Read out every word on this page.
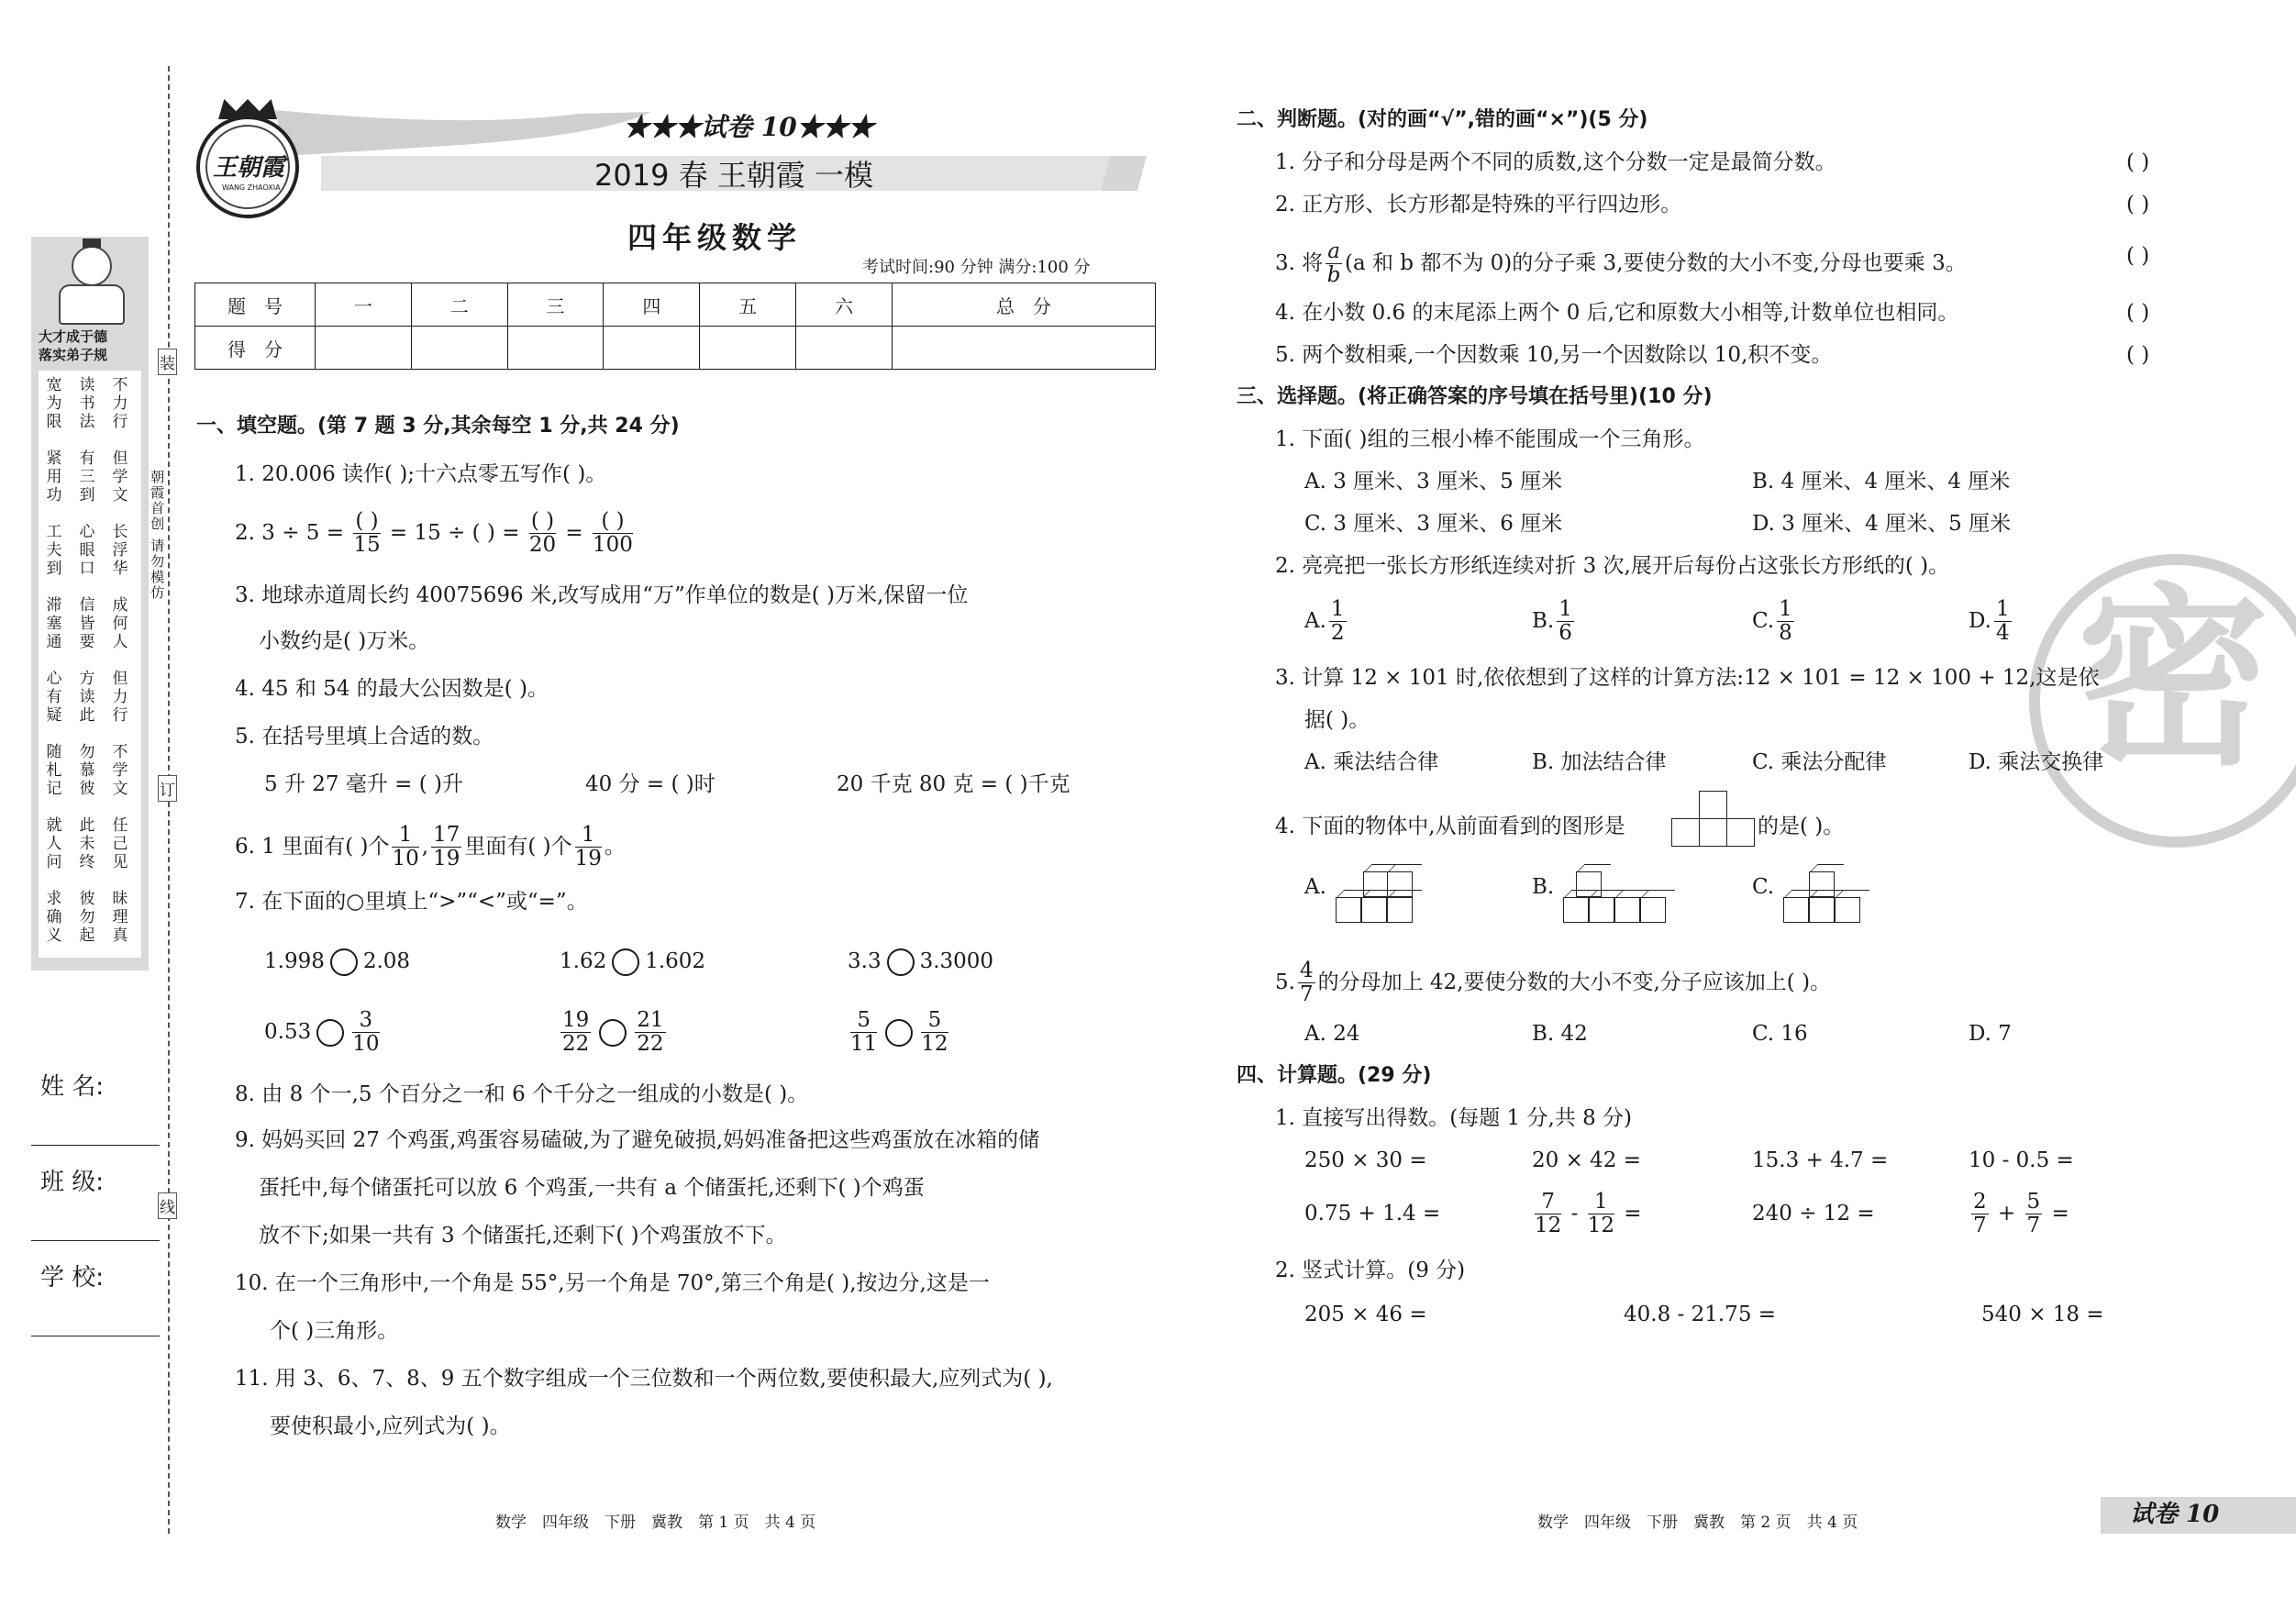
大才成于德
落实弟子规
宽为限　紧用功　工夫到　滞塞通　心有疑　随札记　就人问　求确义
读书法　有三到　心眼口　信皆要　方读此　勿慕彼　此未终　彼勿起
不力行　但学文　长浮华　成何人　但力行　不学文　任己见　昧理真
朝霞首创 请勿模仿
装
订
线
姓 名:
班 级:
学 校:
王朝霞
WANG ZHAOXIA
★★★试卷 10★★★
2019 春 王朝霞 一模
四年级数学
考试时间:90 分钟 满分:100 分
题　号	一	二	三	四	五	六	总　分
得　分							
一、填空题。(第 7 题 3 分,其余每空 1 分,共 24 分)
1. 20.006 读作( );十六点零五写作( )。
2. $3 \div 5 = \frac{( )}{15} = 15$ ÷ ( ) = $\frac{( )}{20} = \frac{( )}{100}$
3. 地球赤道周长约 40075696 米,改写成用“万”作单位的数是( )万米,保留一位
小数约是( )万米。
4. 45 和 54 的最大公因数是( )。
5. 在括号里填上合适的数。
5 升 27 毫升 = ( )升	40 分 = ( )时	20 千克 80 克 = ( )千克
6. 1 里面有( )个 $\frac{1}{10}$ , $\frac{17}{19}$ 里面有( )个 $\frac{1}{19}$ 。
7. 在下面的○里填上“>”“<”或“=”。
1.998 2.08	1.62 1.602	3.3 3.3000
$0.53 \frac{3}{10}$	$\frac{19}{22} \frac{21}{22}$	$\frac{5}{11} \frac{5}{12}$
8. 由 8 个一,5 个百分之一和 6 个千分之一组成的小数是( )。
9. 妈妈买回 27 个鸡蛋,鸡蛋容易磕破,为了避免破损,妈妈准备把这些鸡蛋放在冰箱的储
蛋托中,每个储蛋托可以放 6 个鸡蛋,一共有 a 个储蛋托,还剩下( )个鸡蛋
放不下;如果一共有 3 个储蛋托,还剩下( )个鸡蛋放不下。
10. 在一个三角形中,一个角是 55°,另一个角是 70°,第三个角是( ),按边分,这是一
个( )三角形。
11. 用 3、6、7、8、9 五个数字组成一个三位数和一个两位数,要使积最大,应列式为( ),
要使积最小,应列式为( )。
数学　四年级　下册　冀教　第 1 页　共 4 页
密
二、判断题。(对的画“√”,错的画“×”)(5 分)
1. 分子和分母是两个不同的质数,这个分数一定是最简分数。	( )
2. 正方形、长方形都是特殊的平行四边形。	( )
3. 将 $\frac{a}{b} (a$ 和 b 都不为 0)的分子乘 3,要使分数的大小不变,分母也要乘 3。	( )
4. 在小数 0.6 的末尾添上两个 0 后,它和原数大小相等,计数单位也相同。	( )
5. 两个数相乘,一个因数乘 10,另一个因数除以 10,积不变。	( )
三、选择题。(将正确答案的序号填在括号里)(10 分)
1. 下面( )组的三根小棒不能围成一个三角形。
A. 3 厘米、3 厘米、5 厘米	B. 4 厘米、4 厘米、4 厘米
C. 3 厘米、3 厘米、6 厘米	D. 3 厘米、4 厘米、5 厘米
2. 亮亮把一张长方形纸连续对折 3 次,展开后每份占这张长方形纸的( )。
A. $\frac{1}{2}$	B. $\frac{1}{6}$	C. $\frac{1}{8}$	D. $\frac{1}{4}$
3. 计算 12 × 101 时,依依想到了这样的计算方法:12 × 101 = 12 × 100 + 12,这是依
据( )。
A. 乘法结合律	B. 加法结合律	C. 乘法分配律	D. 乘法交换律
4. 下面的物体中,从前面看到的图形是	的是( )。
A.	B.	C.
5. $\frac{4}{7}$ 的分母加上 42,要使分数的大小不变,分子应该加上( )。
A. 24	B. 42	C. 16	D. 7
四、计算题。(29 分)
1. 直接写出得数。(每题 1 分,共 8 分)
250 × 30 =	20 × 42 =	15.3 + 4.7 =	10 - 0.5 =
0.75 + 1.4 =	$\frac{7}{12} - \frac{1}{12}$ =	240 ÷ 12 =	$\frac{2}{7} + \frac{5}{7}$ =
2. 竖式计算。(9 分)
205 × 46 =	40.8 - 21.75 =	540 × 18 =
数学　四年级　下册　冀教　第 2 页　共 4 页	试卷 10
